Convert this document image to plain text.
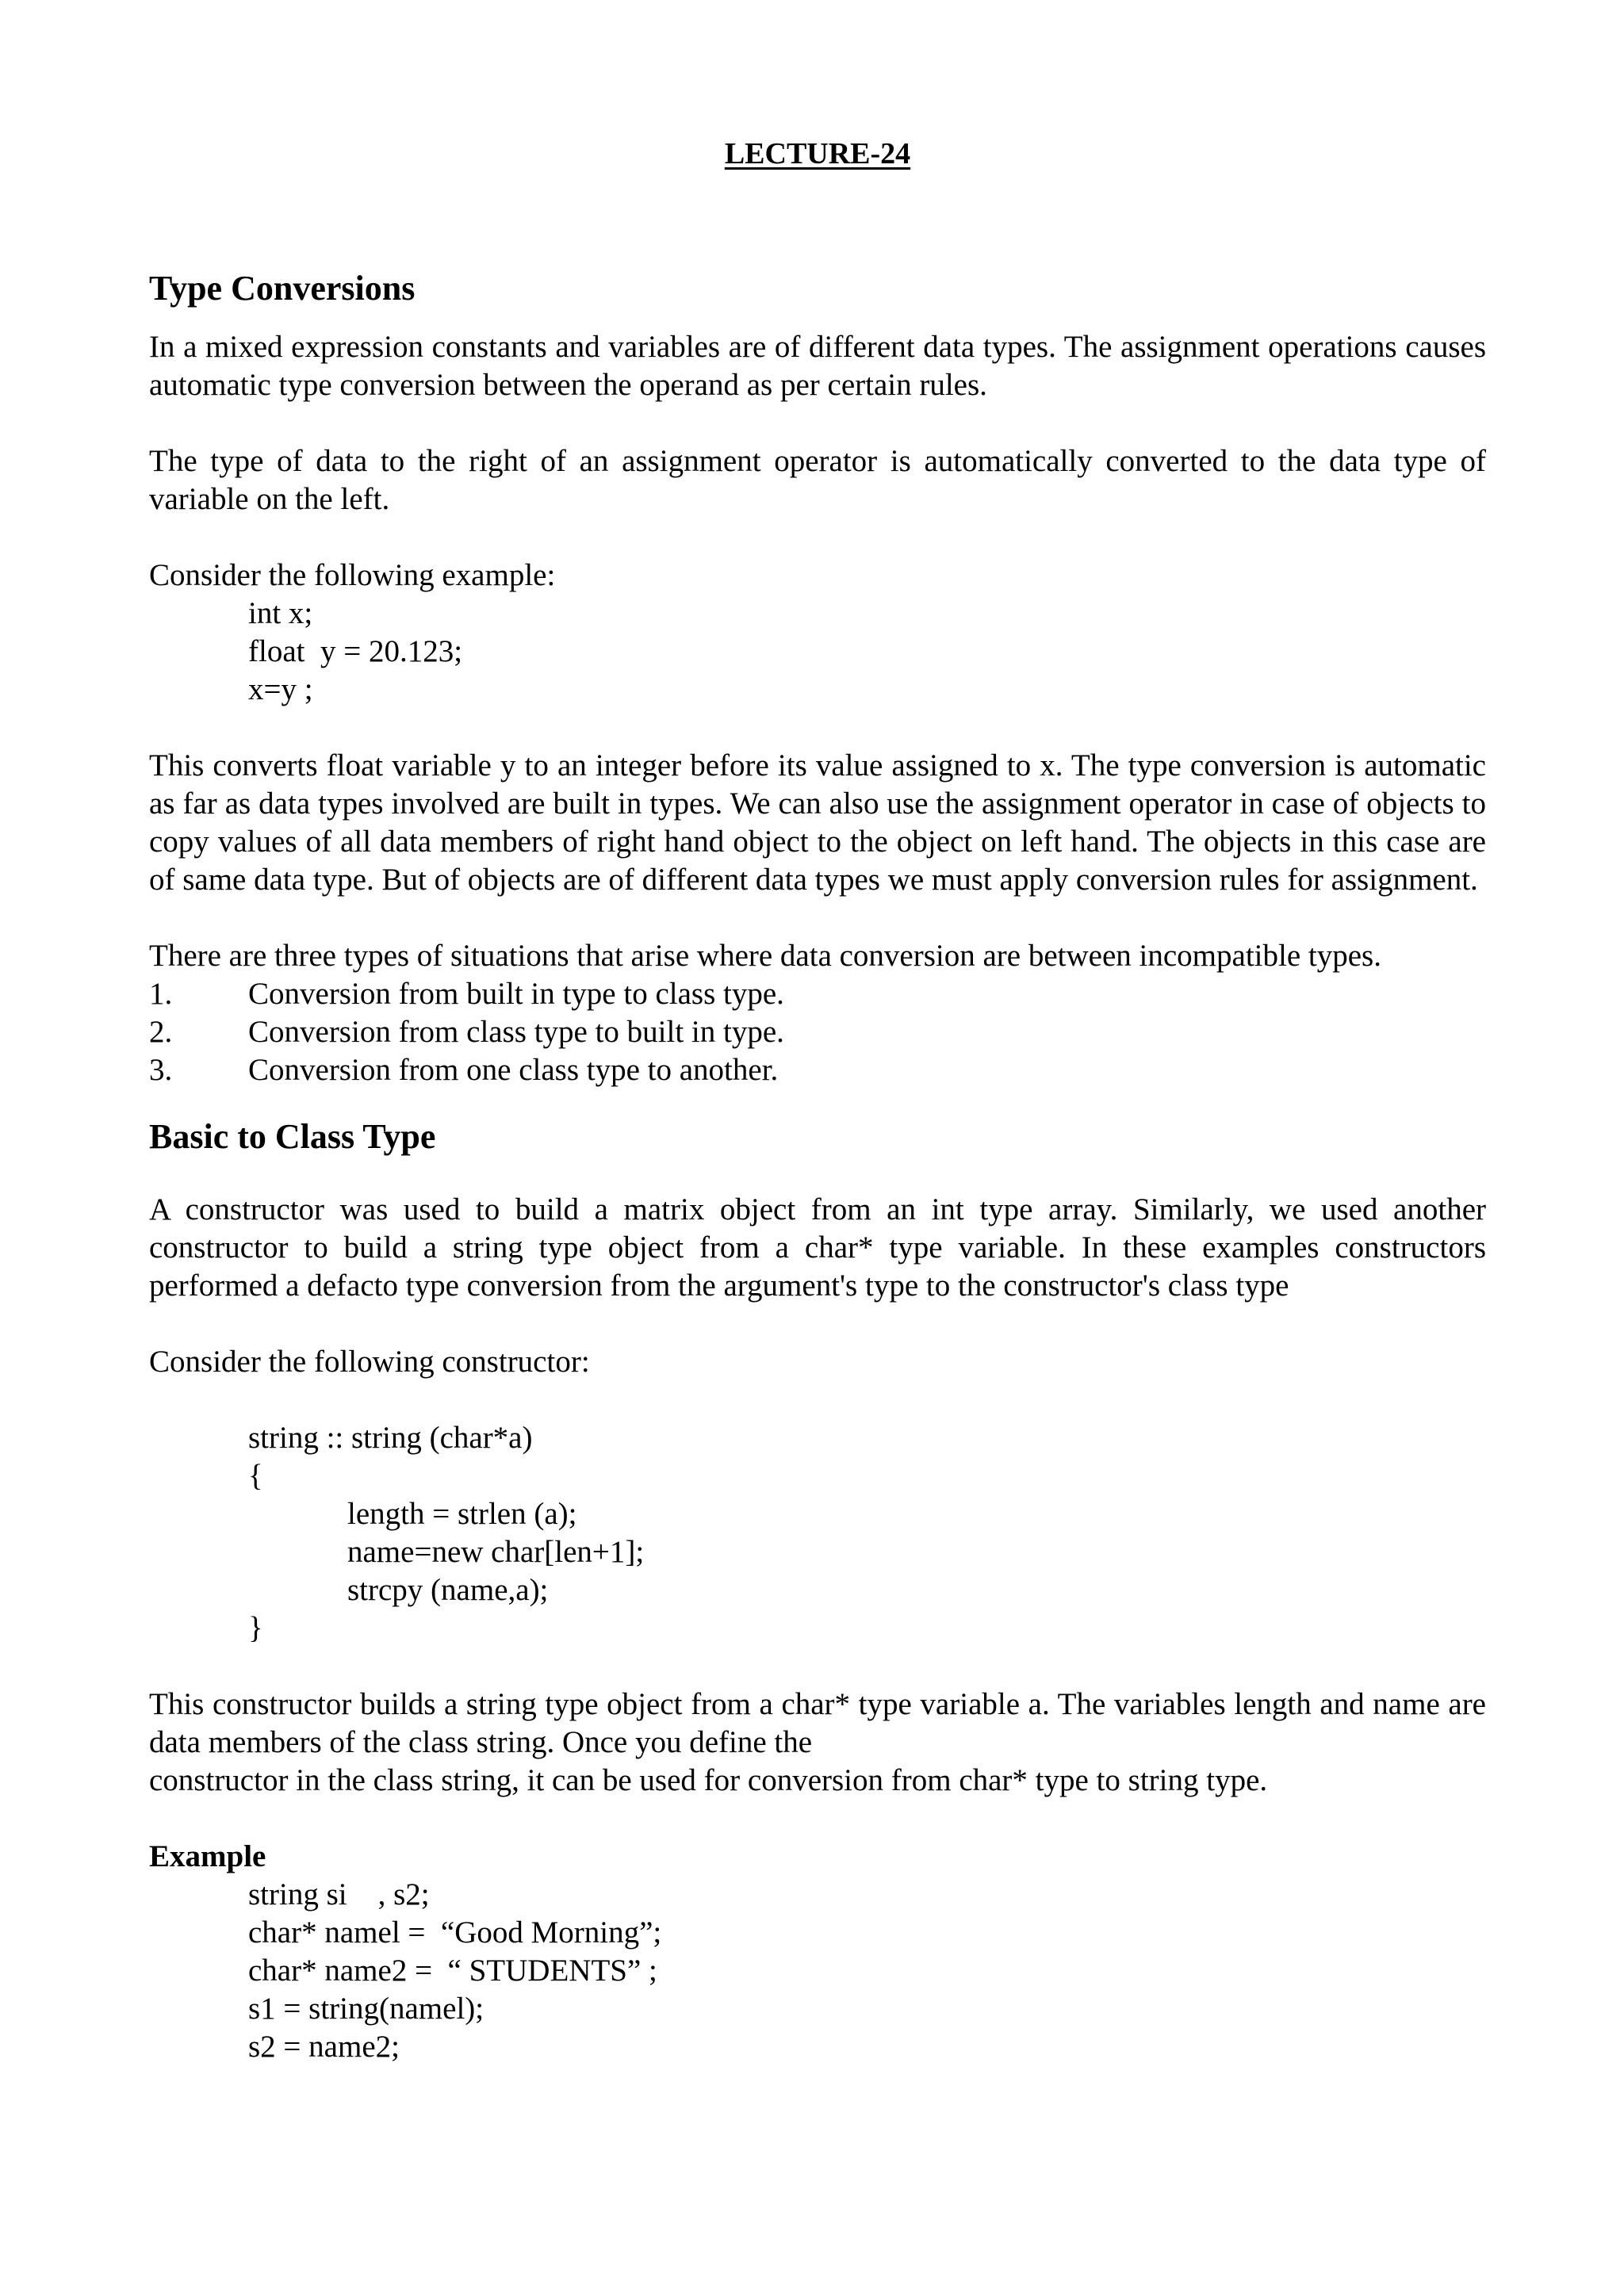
LECTURE-24
Type Conversions

In a mixed expression constants and variables are of different data types. The assignment operations causes automatic type conversion between the operand as per certain rules.

The type of data to the right of an assignment operator is automatically converted to the data type of variable on the left.

Consider the following example:

int x;
float  y = 20.123;
x=y ;

This converts float variable y to an integer before its value assigned to x. The type conversion is automatic as far as data types involved are built in types. We can also use the assignment operator in case of objects to copy values of all data members of right hand object to the object on left hand. The objects in this case are of same data type. But of objects are of different data types we must apply conversion rules for assignment.

There are three types of situations that arise where data conversion are between incompatible types.

1.	Conversion from built in type to class type.
2.	Conversion from class type to built in type.
3.	Conversion from one class type to another.
Basic to Class Type

A constructor was used to build a matrix object from an int type array. Similarly, we used another constructor to build a string type object from a char* type variable. In these examples constructors performed a defacto type conversion from the argument's type to the constructor's class type

Consider the following constructor:

string :: string (char*a)
{
length = strlen (a);
name=new char[len+1];
strcpy (name,a);
}

This constructor builds a string type object from a char* type variable a. The variables length and name are data members of the class string. Once you define the

constructor in the class string, it can be used for conversion from char* type to string type.

Example

string si    , s2;
char* namel =  “Good Morning”;
char* name2 =  “ STUDENTS” ;
s1 = string(namel);
s2 = name2;
